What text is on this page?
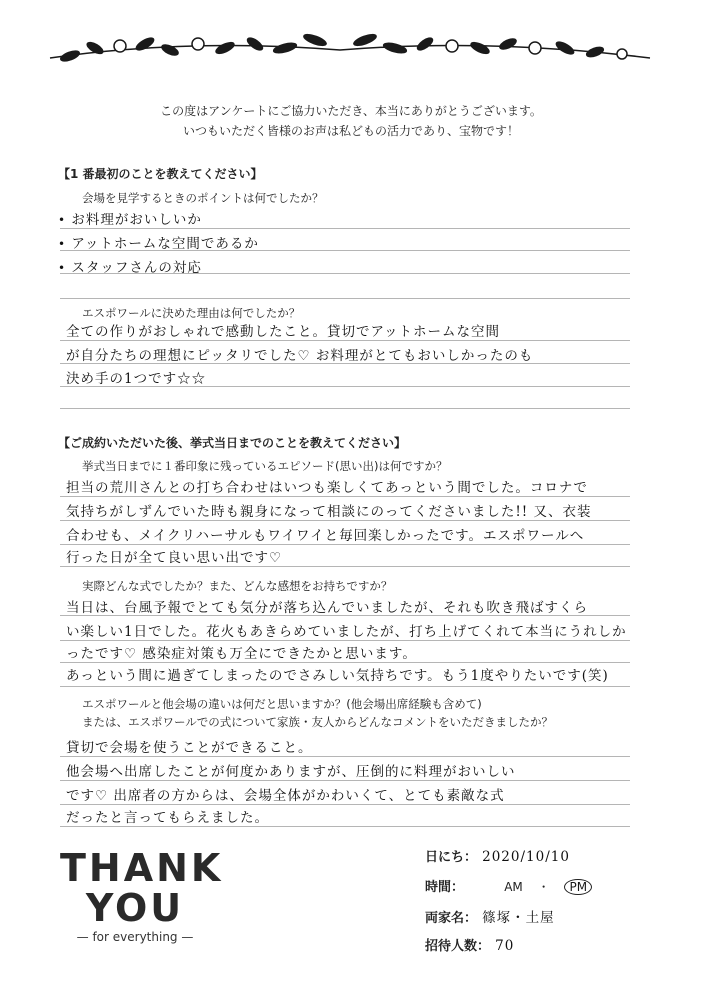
この度はアンケートにご協力いただき、本当にありがとうございます。
いつもいただく皆様のお声は私どもの活力であり、宝物です！
【1 番最初のことを教えてください】
会場を見学するときのポイントは何でしたか？
• お料理がおいしいか
• アットホームな空間であるか
• スタッフさんの対応
エスポワールに決めた理由は何でしたか？
全ての作りがおしゃれで感動したこと。貸切でアットホームな空間
が自分たちの理想にピッタリでした♡ お料理がとてもおいしかったのも
決め手の1つです☆☆
【ご成約いただいた後、挙式当日までのことを教えてください】
挙式当日までに１番印象に残っているエピソード(思い出)は何ですか？
担当の荒川さんとの打ち合わせはいつも楽しくてあっという間でした。コロナで
気持ちがしずんでいた時も親身になって相談にのってくださいました!! 又、衣装
合わせも、メイクリハーサルもワイワイと毎回楽しかったです。エスポワールへ
行った日が全て良い思い出です♡
実際どんな式でしたか？また、どんな感想をお持ちですか？
当日は、台風予報でとても気分が落ち込んでいましたが、それも吹き飛ばすくら
い楽しい1日でした。花火もあきらめていましたが、打ち上げてくれて本当にうれしか
ったです♡ 感染症対策も万全にできたかと思います。
あっという間に過ぎてしまったのでさみしい気持ちです。もう1度やりたいです(笑)
エスポワールと他会場の違いは何だと思いますか？(他会場出席経験も含めて)
または、エスポワールでの式について家族・友人からどんなコメントをいただきましたか？
貸切で会場を使うことができること。
他会場へ出席したことが何度かありますが、圧倒的に料理がおいしい
です♡ 出席者の方からは、会場全体がかわいくて、とても素敵な式
だったと言ってもらえました。
THANK
YOU
— for everything —
日にち： 2020/10/10
時間：	AM ・ PM
両家名： 篠塚・土屋
招待人数： 70
